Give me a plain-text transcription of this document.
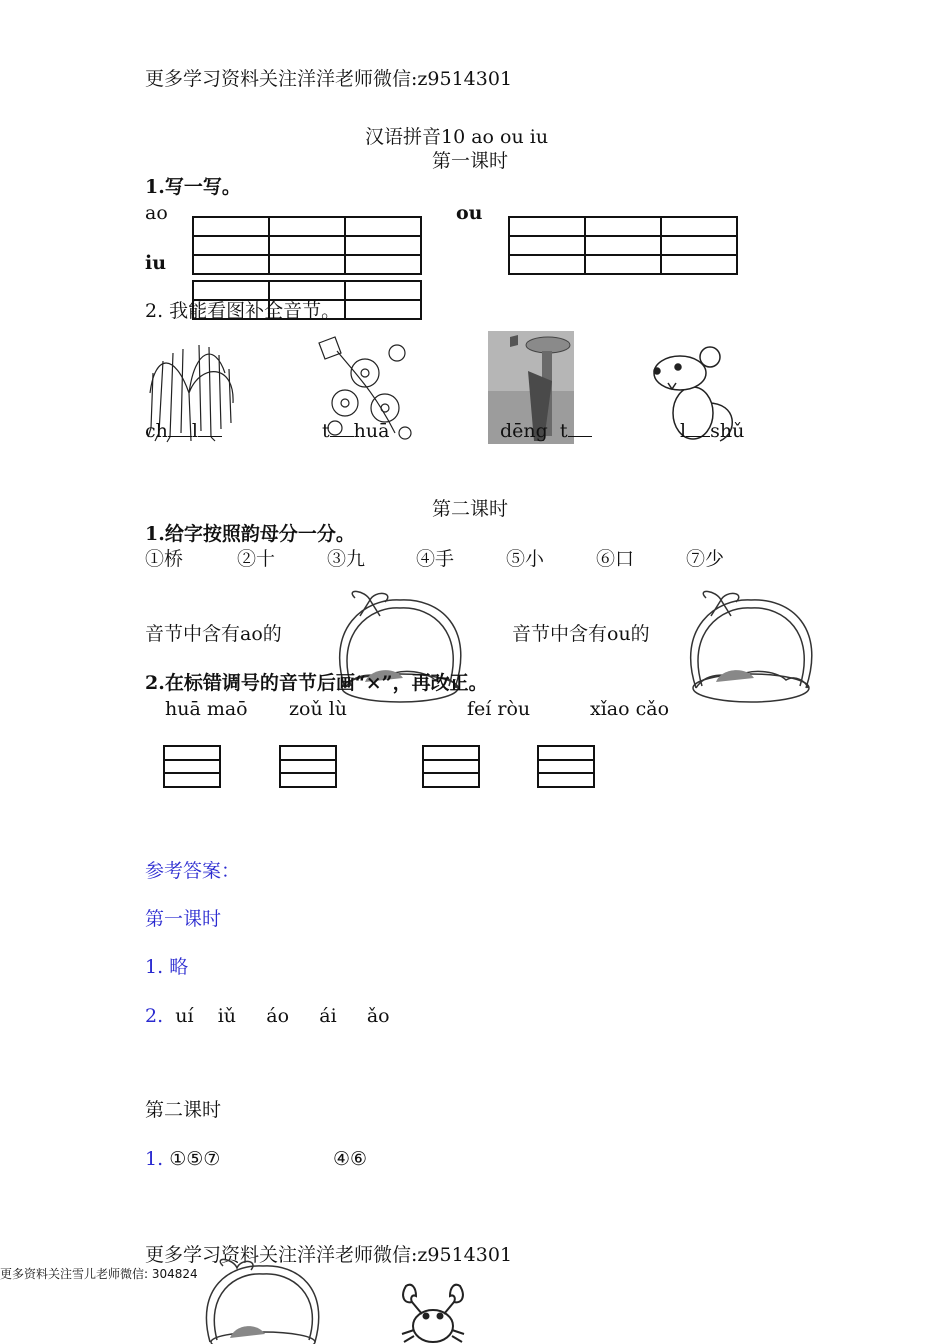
更多学习资料关注洋洋老师微信:z9514301
汉语拼音10 ao ou iu
第一课时
1.写一写。
ao	ou
iu
2. 我能看图补全音节。
ch l	t huā	dēng t	l shǔ
第二课时
1.给字按照韵母分一分。
①桥	②十	③九	④手	⑤小	⑥口	⑦少
音节中含有ao的	音节中含有ou的
2.在标错调号的音节后画“×”，再改正。
huā maō zoǔ lù	feí ròu	xǐao cǎo
参考答案：
第一课时
1. 略
2. uí iǔ áo ái ǎo
第二课时
1. ①⑤⑦	④⑥
更多学习资料关注洋洋老师微信:z9514301
更多资料关注雪儿老师微信: 304824
